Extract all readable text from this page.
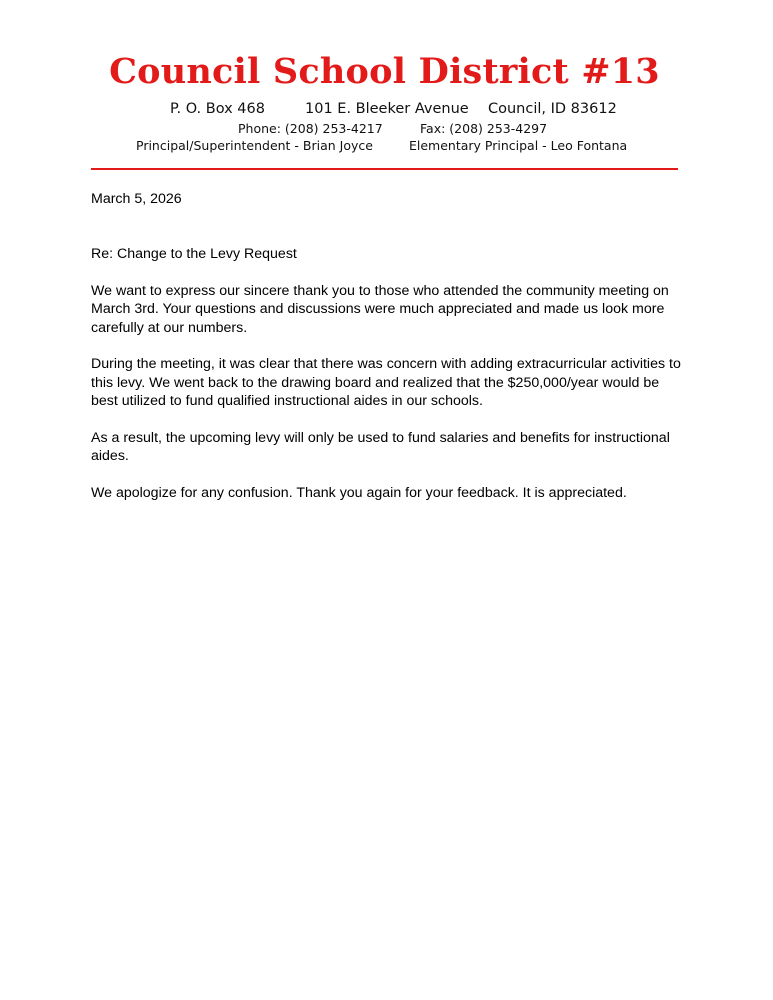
Council School District #13
P. O. Box 468	101 E. Bleeker Avenue Council, ID 83612
Phone: (208) 253-4217	Fax: (208) 253-4297
Principal/Superintendent - Brian Joyce	Elementary Principal - Leo Fontana

March 5, 2026

Re: Change to the Levy Request

We want to express our sincere thank you to those who attended the community meeting on March 3rd. Your questions and discussions were much appreciated and made us look more carefully at our numbers.

During the meeting, it was clear that there was concern with adding extracurricular activities to this levy. We went back to the drawing board and realized that the $250,000/year would be best utilized to fund qualified instructional aides in our schools.

As a result, the upcoming levy will only be used to fund salaries and benefits for instructional aides.

We apologize for any confusion. Thank you again for your feedback. It is appreciated.
